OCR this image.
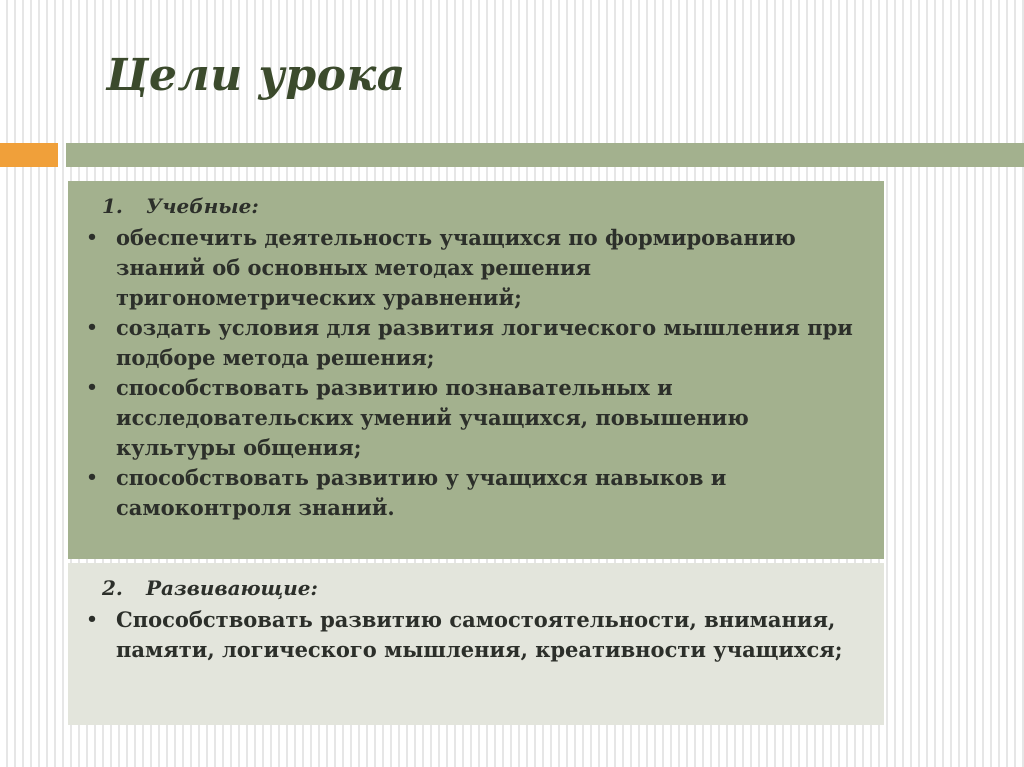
Цели урока
1. Учебные:
• обеспечить деятельность учащихся по формированию знаний об основных методах решения тригонометрических уравнений;
• создать условия для развития логического мышления при подборе метода решения;
• способствовать развитию познавательных и исследовательских умений учащихся, повышению культуры общения;
• способствовать развитию у учащихся навыков и самоконтроля знаний.
2. Развивающие:
• Способствовать развитию самостоятельности, внимания, памяти, логического мышления, креативности учащихся;
